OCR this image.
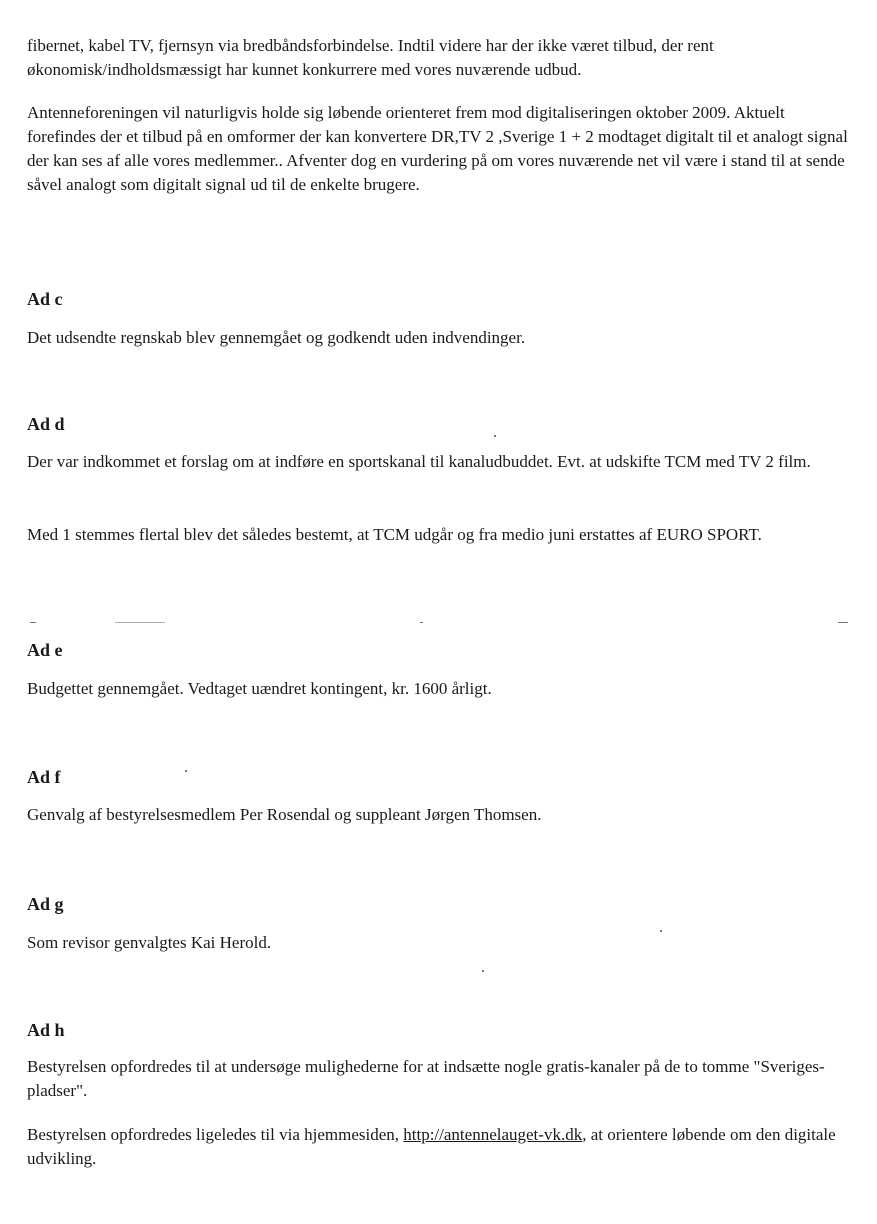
fibernet, kabel TV, fjernsyn via bredbåndsforbindelse. Indtil videre har der ikke været tilbud, der rent økonomisk/indholdsmæssigt har kunnet konkurrere med vores nuværende udbud.

Antenneforeningen vil naturligvis holde sig løbende orienteret frem mod digitaliseringen oktober 2009. Aktuelt forefindes der et tilbud på en omformer der kan konvertere DR,TV 2 ,Sverige 1 + 2 modtaget digitalt til et analogt signal der kan ses af alle vores medlemmer.. Afventer dog en vurdering på om vores nuværende net vil være i stand til at sende såvel analogt som digitalt signal ud til de enkelte brugere.

Ad c

Det udsendte regnskab blev gennemgået og godkendt uden indvendinger.

Ad d

Der var indkommet et forslag om at indføre en sportskanal til kanaludbuddet. Evt. at udskifte TCM med TV 2 film.

Med 1 stemmes flertal blev det således bestemt, at TCM udgår og fra medio juni erstattes af EURO SPORT.

Ad e

Budgettet gennemgået. Vedtaget uændret kontingent, kr. 1600 årligt.

Ad f

Genvalg af bestyrelsesmedlem Per Rosendal og suppleant Jørgen Thomsen.

Ad g

Som revisor genvalgtes Kai Herold.

Ad h

Bestyrelsen opfordredes til at undersøge mulighederne for at indsætte nogle gratis-kanaler på de to tomme "Sveriges-pladser".

Bestyrelsen opfordredes ligeledes til via hjemmesiden, http://antennelauget-vk.dk, at orientere løbende om den digitale udvikling.
